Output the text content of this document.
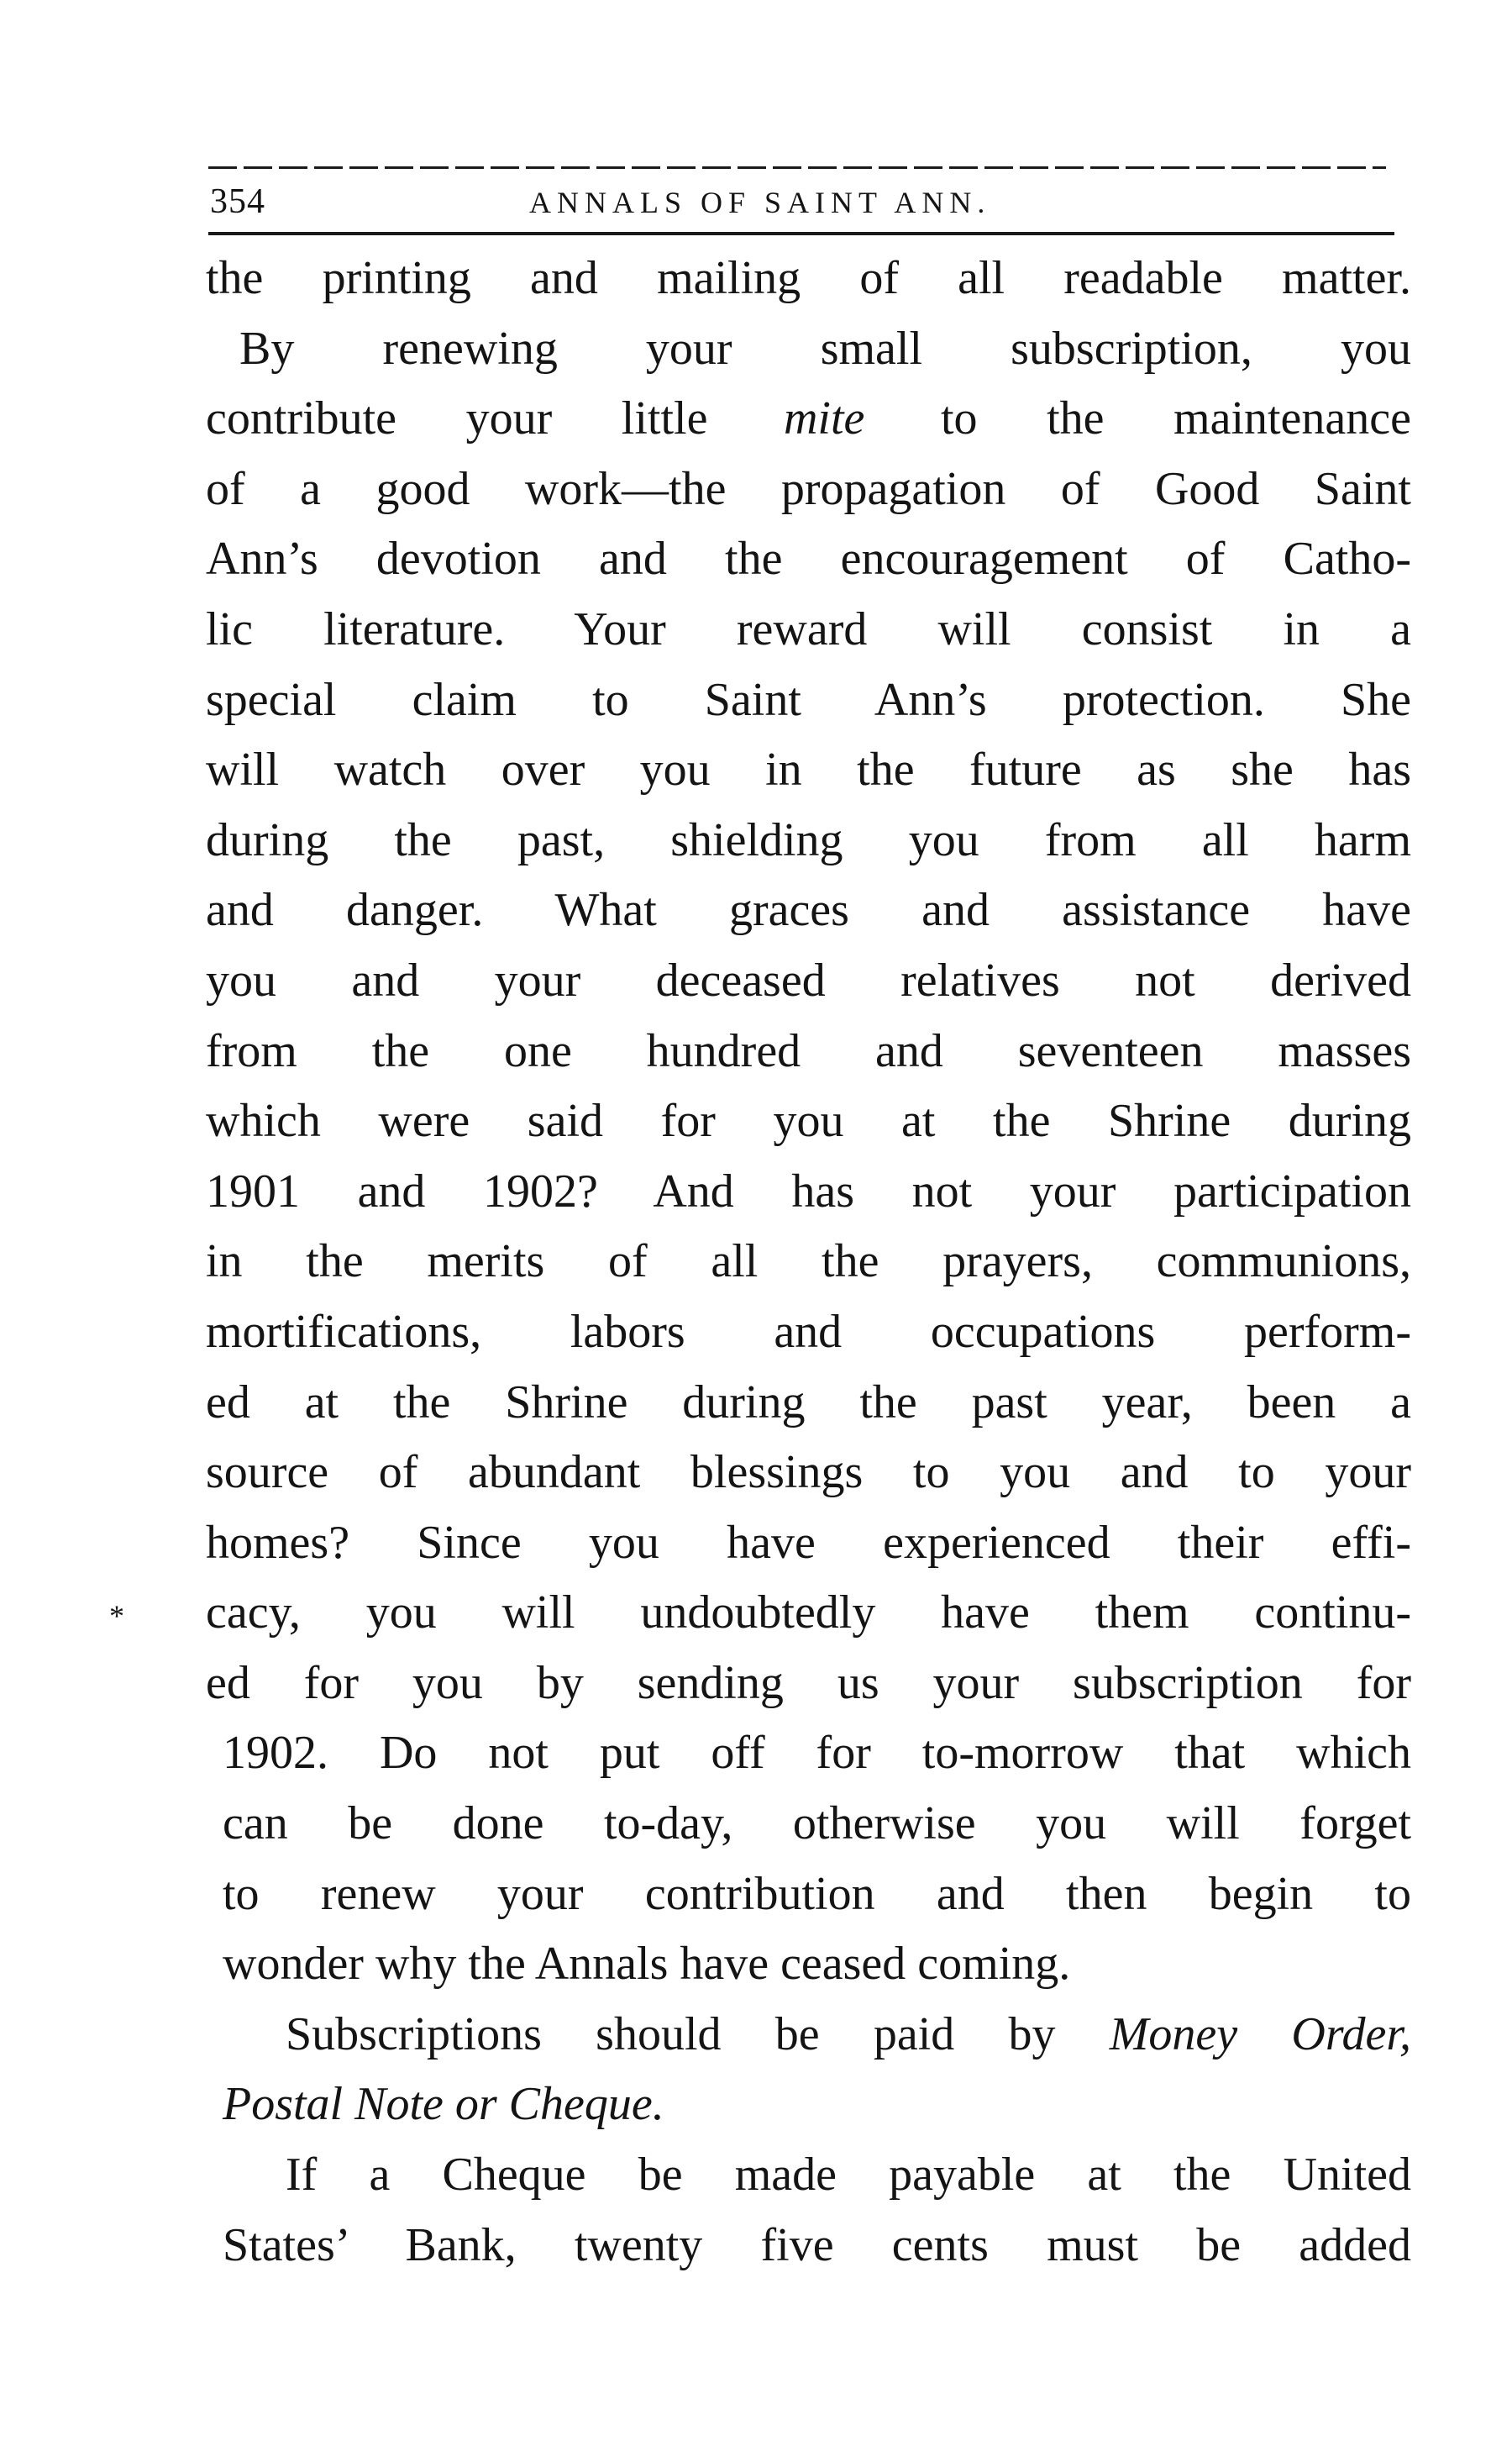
354	ANNALS OF SAINT ANN.
*
the printing and mailing of all readable matter.
By renewing your small subscription, you
contribute your little mite to the maintenance
of a good work—the propagation of Good Saint
Ann’s devotion and the encouragement of Catho-
lic literature. Your reward will consist in a
special claim to Saint Ann’s protection. She
will watch over you in the future as she has
during the past, shielding you from all harm
and danger. What graces and assistance have
you and your deceased relatives not derived
from the one hundred and seventeen masses
which were said for you at the Shrine during
1901 and 1902? And has not your participation
in the merits of all the prayers, communions,
mortifications, labors and occupations perform-
ed at the Shrine during the past year, been a
source of abundant blessings to you and to your
homes? Since you have experienced their effi-
cacy, you will undoubtedly have them continu-
ed for you by sending us your subscription for
1902. Do not put off for to-morrow that which
can be done to-day, otherwise you will forget
to renew your contribution and then begin to
wonder why the Annals have ceased coming.
Subscriptions should be paid by Money Order,
Postal Note or Cheque.
If a Cheque be made payable at the United
States’ Bank, twenty five cents must be added
